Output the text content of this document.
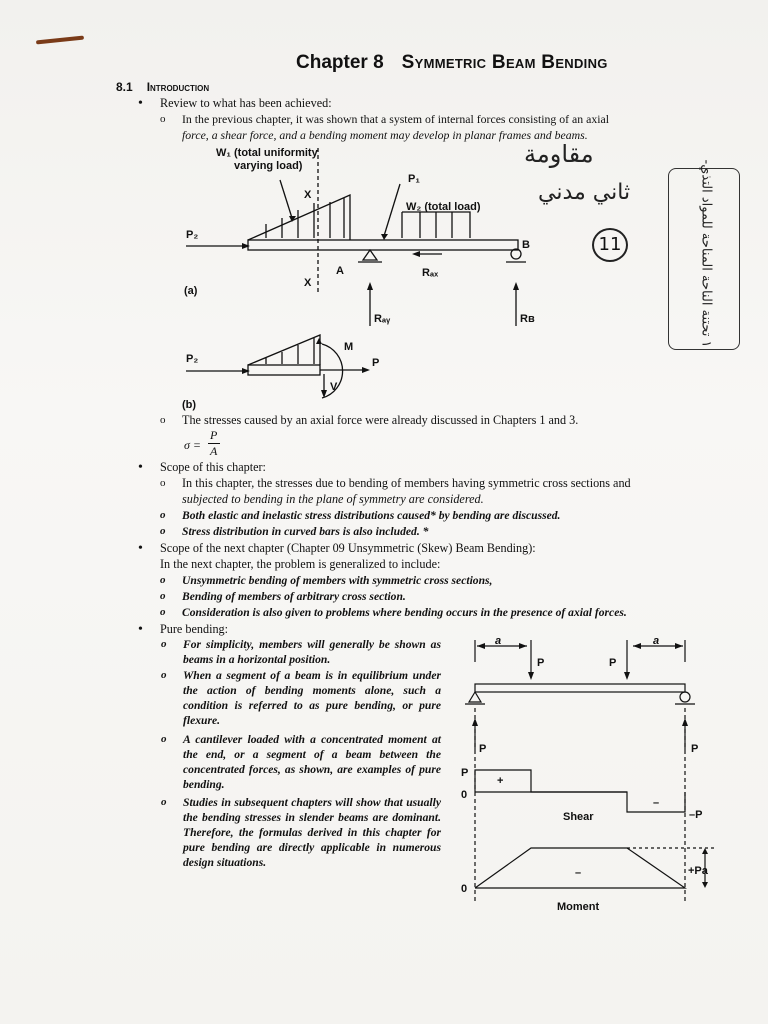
Chapter 8 Symmetric Beam Bending
8.1 Introduction
• Review to what has been achieved:
o In the previous chapter, it was shown that a system of internal forces consisting of an axial
force, a shear force, and a bending moment may develop in planar frames and beams.
W₁ (total uniformity
varying load)
P₁
W₂ (total load)
P₂
B
A
X
X
Rₐₓ
Rₐᵧ	Rʙ
(a)
M
P
P₂
V
(b)
مقاومة
ثاني مدني
11
-١ تحتنة الناحة المناحة للمواد التذي
o The stresses caused by an axial force were already discussed in Chapters 1 and 3.
σ =
P
A
• Scope of this chapter:
o In this chapter, the stresses due to bending of members having symmetric cross sections and
subjected to bending in the plane of symmetry are considered.
o Both elastic and inelastic stress distributions caused* by bending are discussed.
o Stress distribution in curved bars is also included. *
• Scope of the next chapter (Chapter 09 Unsymmetric (Skew) Beam Bending):
In the next chapter, the problem is generalized to include:
o Unsymmetric bending of members with symmetric cross sections,
o Bending of members of arbitrary cross section.
o Consideration is also given to problems where bending occurs in the presence of axial forces.
• Pure bending:
o For simplicity, members will generally be shown as beams in a horizontal position.
o When a segment of a beam is in equilibrium under the action of bending moments alone, such a condition is referred to as pure bending, or pure flexure.
o A cantilever loaded with a concentrated moment at the end, or a segment of a beam between the concentrated forces, as shown, are examples of pure bending.
o Studies in subsequent chapters will show that usually the bending stresses in slender beams are dominant. Therefore, the formulas derived in this chapter for pure bending are directly applicable in numerous design situations.
a	a
P	P
P	P
P
0
+
–
Shear	–P
–	+Pa
0
Moment
